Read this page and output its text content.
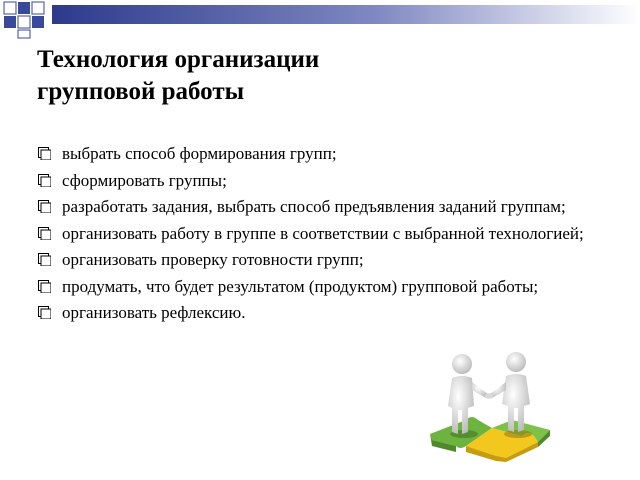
Технология организации
групповой работы
выбрать способ формирования групп;
сформировать группы;
разработать задания, выбрать способ предъявления заданий группам;
организовать работу в группе в соответствии с выбранной технологией;
организовать проверку готовности групп;
продумать, что будет результатом (продуктом) групповой работы;
организовать рефлексию.
